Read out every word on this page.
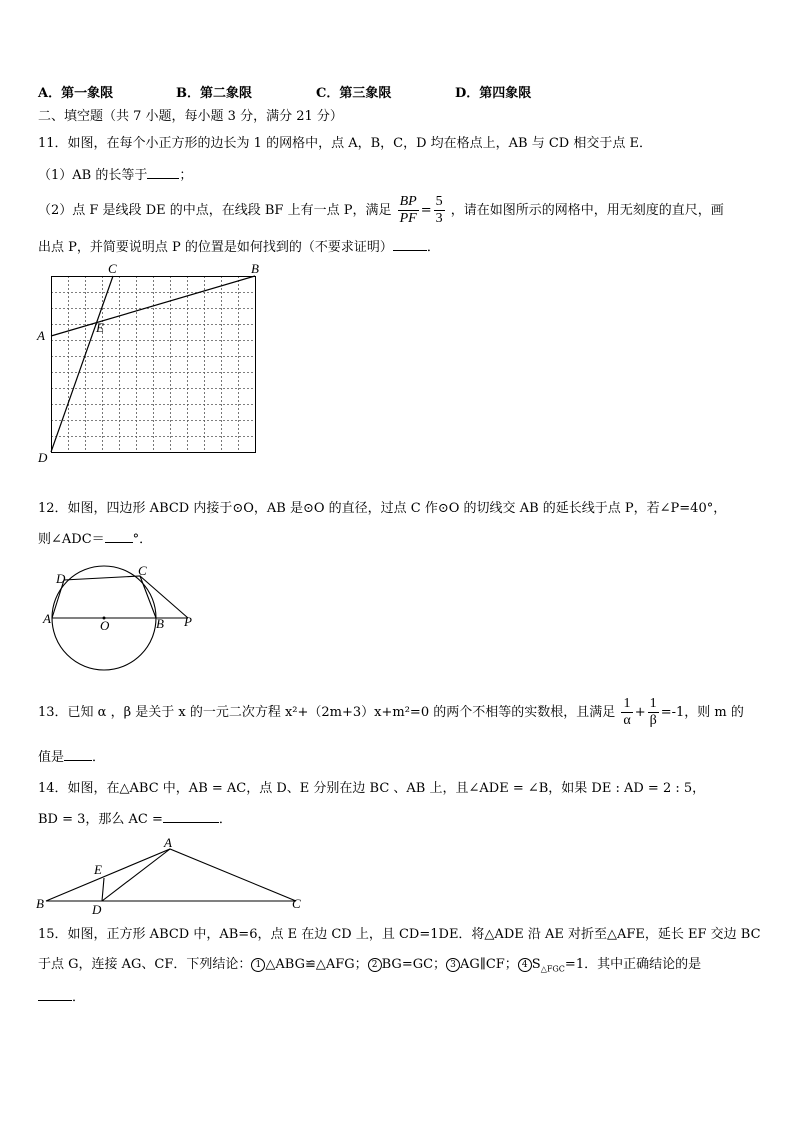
A．第一象限	B．第二象限	C．第三象限	D．第四象限
二、填空题（共 7 小题，每小题 3 分，满分 21 分）
11．如图，在每个小正方形的边长为 1 的网格中，点 A，B，C，D 均在格点上，AB 与 CD 相交于点 E．
（1）AB 的长等于 ；
（2）点 F 是线段 DE 的中点，在线段 BF 上有一点 P，满足 $\frac{BP}{PF} = \frac{5}{3}$ ，请在如图所示的网格中，用无刻度的直尺，画
出点 P，并简要说明点 P 的位置是如何找到的（不要求证明）	．
C	B
A
E
D
12．如图，四边形 ABCD 内接于⊙O，AB 是⊙O 的直径，过点 C 作⊙O 的切线交 AB 的延长线于点 P，若∠P=40°，
则∠ADC＝ °．
A
D
C
O	B P
13．已知 α ，β 是关于 x 的一元二次方程 x²+（2m+3）x+m²=0 的两个不相等的实数根，且满足 $\frac{1}{\alpha} + \frac{1}{\beta} =-1$，则 m 的
值是 ．
14．如图，在△ABC 中，AB = AC，点 D、E 分别在边 BC 、AB 上，且∠ADE = ∠B，如果 DE : AD = 2 : 5，
BD = 3，那么 AC =	．
A
E
B	D	C
15．如图，正方形 ABCD 中，AB=6，点 E 在边 CD 上，且 CD=1DE．将△ADE 沿 AE 对折至△AFE，延长 EF 交边 BC
于点 G，连接 AG、CF．下列结论： 1 △ABG≌△AFG； 2 BG=GC； 3 AG∥CF； 4 $S_{\triangle FGC}=1$．其中正确结论的是
．
